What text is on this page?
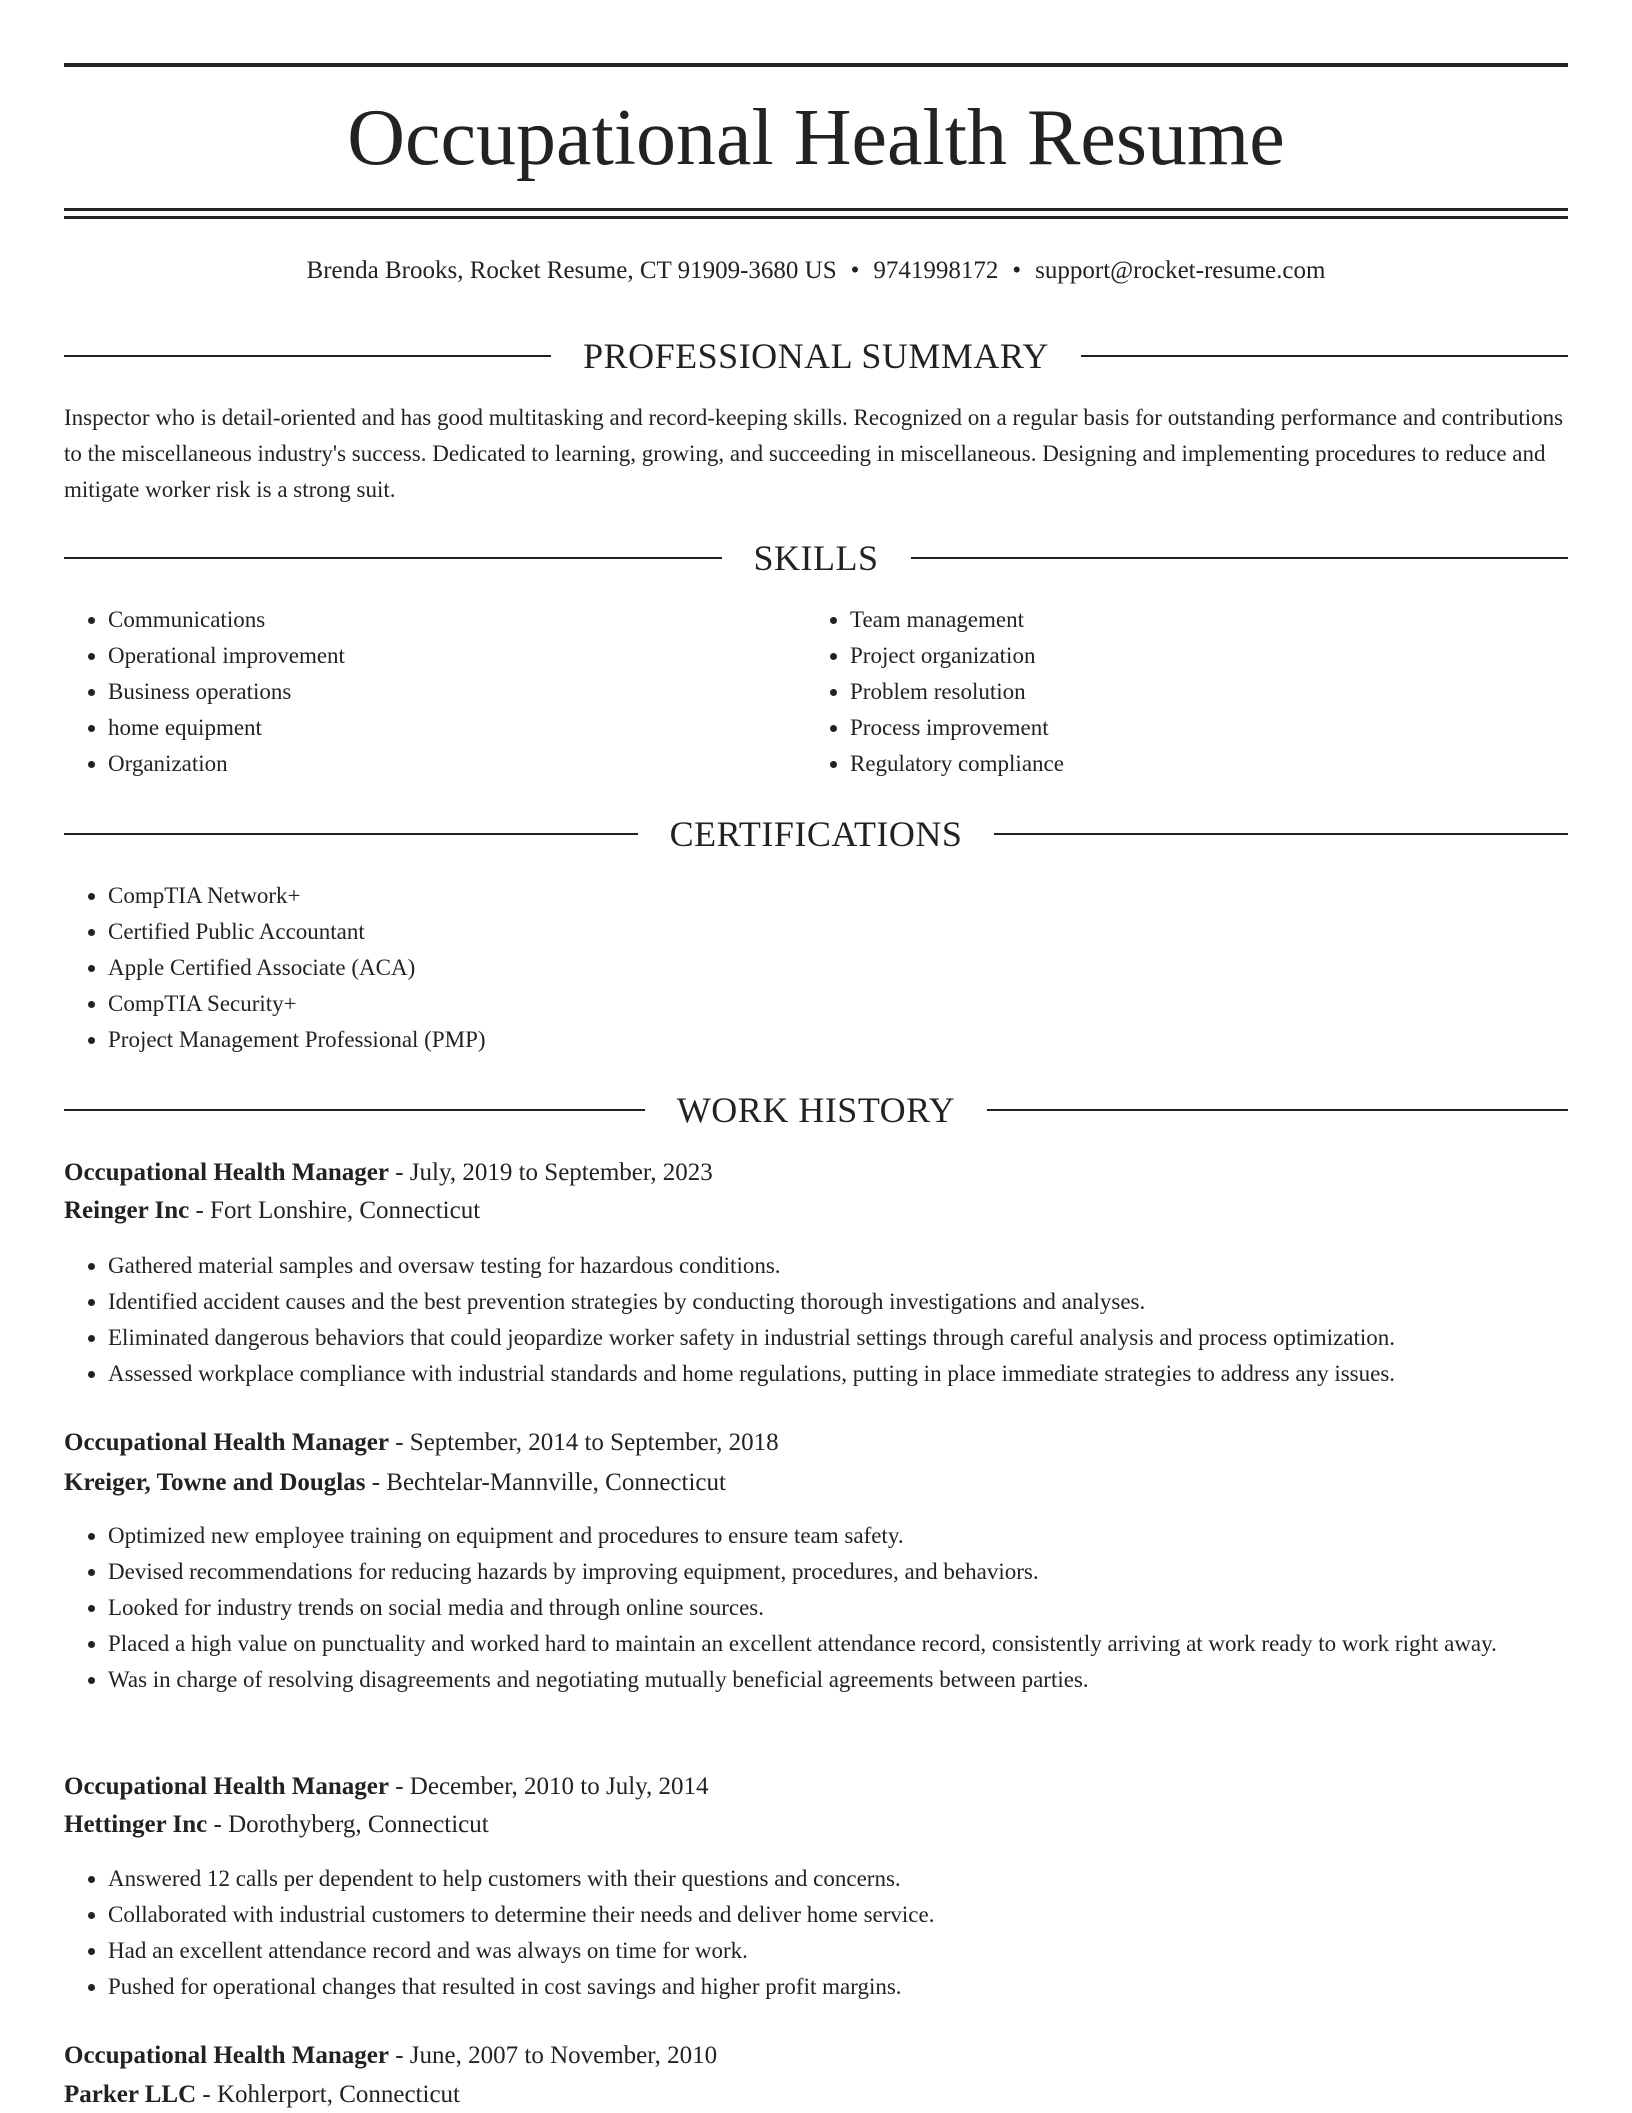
Occupational Health Resume
Brenda Brooks, Rocket Resume, CT 91909-3680 US • 9741998172 • support@rocket-resume.com
PROFESSIONAL SUMMARY

Inspector who is detail-oriented and has good multitasking and record-keeping skills. Recognized on a regular basis for outstanding performance and contributions to the miscellaneous industry's success. Dedicated to learning, growing, and succeeding in miscellaneous. Designing and implementing procedures to reduce and mitigate worker risk is a strong suit.

SKILLS
• Communications
• Operational improvement
• Business operations
• home equipment
• Organization
• Team management
• Project organization
• Problem resolution
• Process improvement
• Regulatory compliance
CERTIFICATIONS
• CompTIA Network+
• Certified Public Accountant
• Apple Certified Associate (ACA)
• CompTIA Security+
• Project Management Professional (PMP)
WORK HISTORY
Occupational Health Manager - July, 2019 to September, 2023
Reinger Inc - Fort Lonshire, Connecticut
• Gathered material samples and oversaw testing for hazardous conditions.
• Identified accident causes and the best prevention strategies by conducting thorough investigations and analyses.
• Eliminated dangerous behaviors that could jeopardize worker safety in industrial settings through careful analysis and process optimization.
• Assessed workplace compliance with industrial standards and home regulations, putting in place immediate strategies to address any issues.
Occupational Health Manager - September, 2014 to September, 2018
Kreiger, Towne and Douglas - Bechtelar-Mannville, Connecticut
• Optimized new employee training on equipment and procedures to ensure team safety.
• Devised recommendations for reducing hazards by improving equipment, procedures, and behaviors.
• Looked for industry trends on social media and through online sources.
• Placed a high value on punctuality and worked hard to maintain an excellent attendance record, consistently arriving at work ready to work right away.
• Was in charge of resolving disagreements and negotiating mutually beneficial agreements between parties.
Occupational Health Manager - December, 2010 to July, 2014
Hettinger Inc - Dorothyberg, Connecticut
• Answered 12 calls per dependent to help customers with their questions and concerns.
• Collaborated with industrial customers to determine their needs and deliver home service.
• Had an excellent attendance record and was always on time for work.
• Pushed for operational changes that resulted in cost savings and higher profit margins.
Occupational Health Manager - June, 2007 to November, 2010
Parker LLC - Kohlerport, Connecticut
